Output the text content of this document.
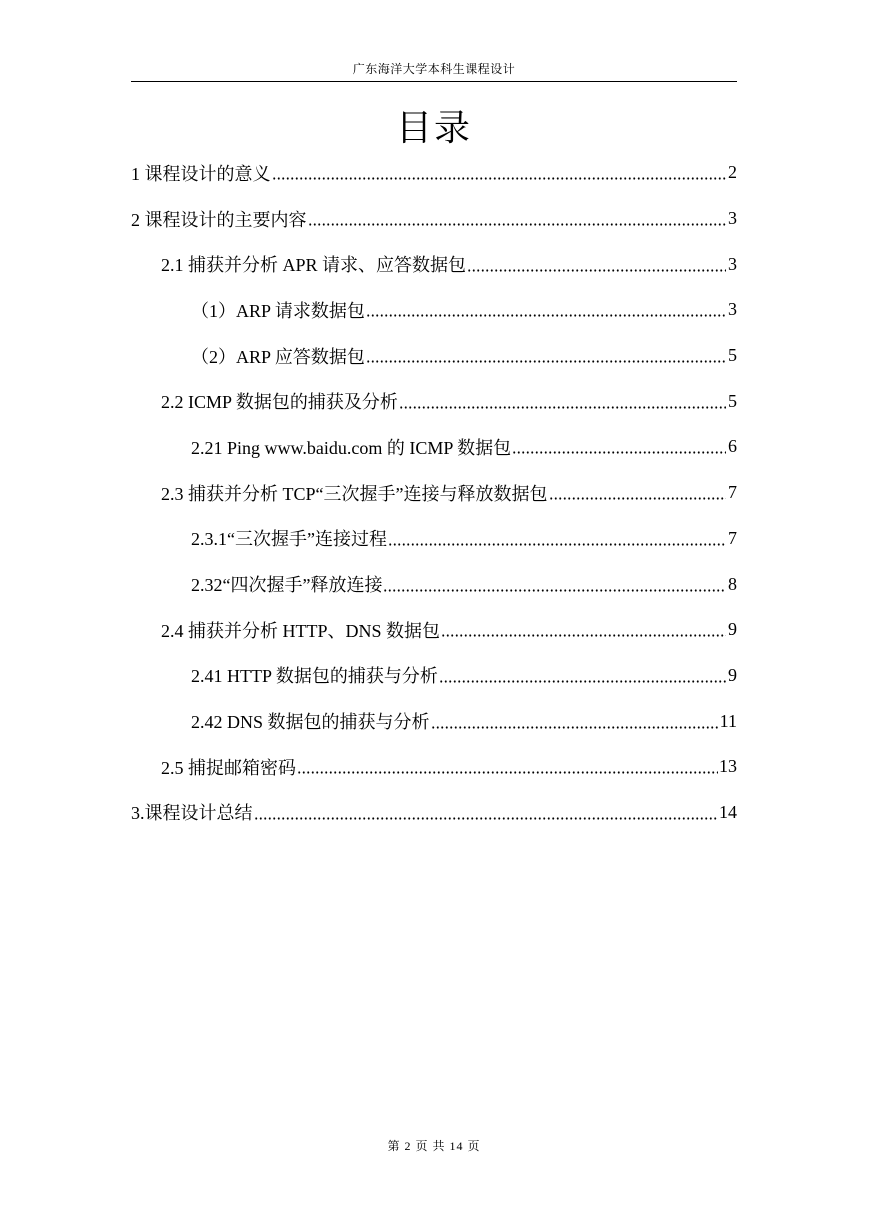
广东海洋大学本科生课程设计
目录
1 课程设计的意义	2
2 课程设计的主要内容	3
2.1 捕获并分析 APR 请求、应答数据包	3
（1）ARP 请求数据包	3
（2）ARP 应答数据包	5
2.2 ICMP 数据包的捕获及分析	5
2.21 Ping www.baidu.com 的 ICMP 数据包	6
2.3 捕获并分析 TCP“三次握手”连接与释放数据包	7
2.3.1“三次握手”连接过程	7
2.32“四次握手”释放连接	8
2.4 捕获并分析 HTTP、DNS 数据包	9
2.41 HTTP 数据包的捕获与分析	9
2.42 DNS 数据包的捕获与分析	11
2.5 捕捉邮箱密码	13
3.课程设计总结	14
第 2 页 共 14 页
